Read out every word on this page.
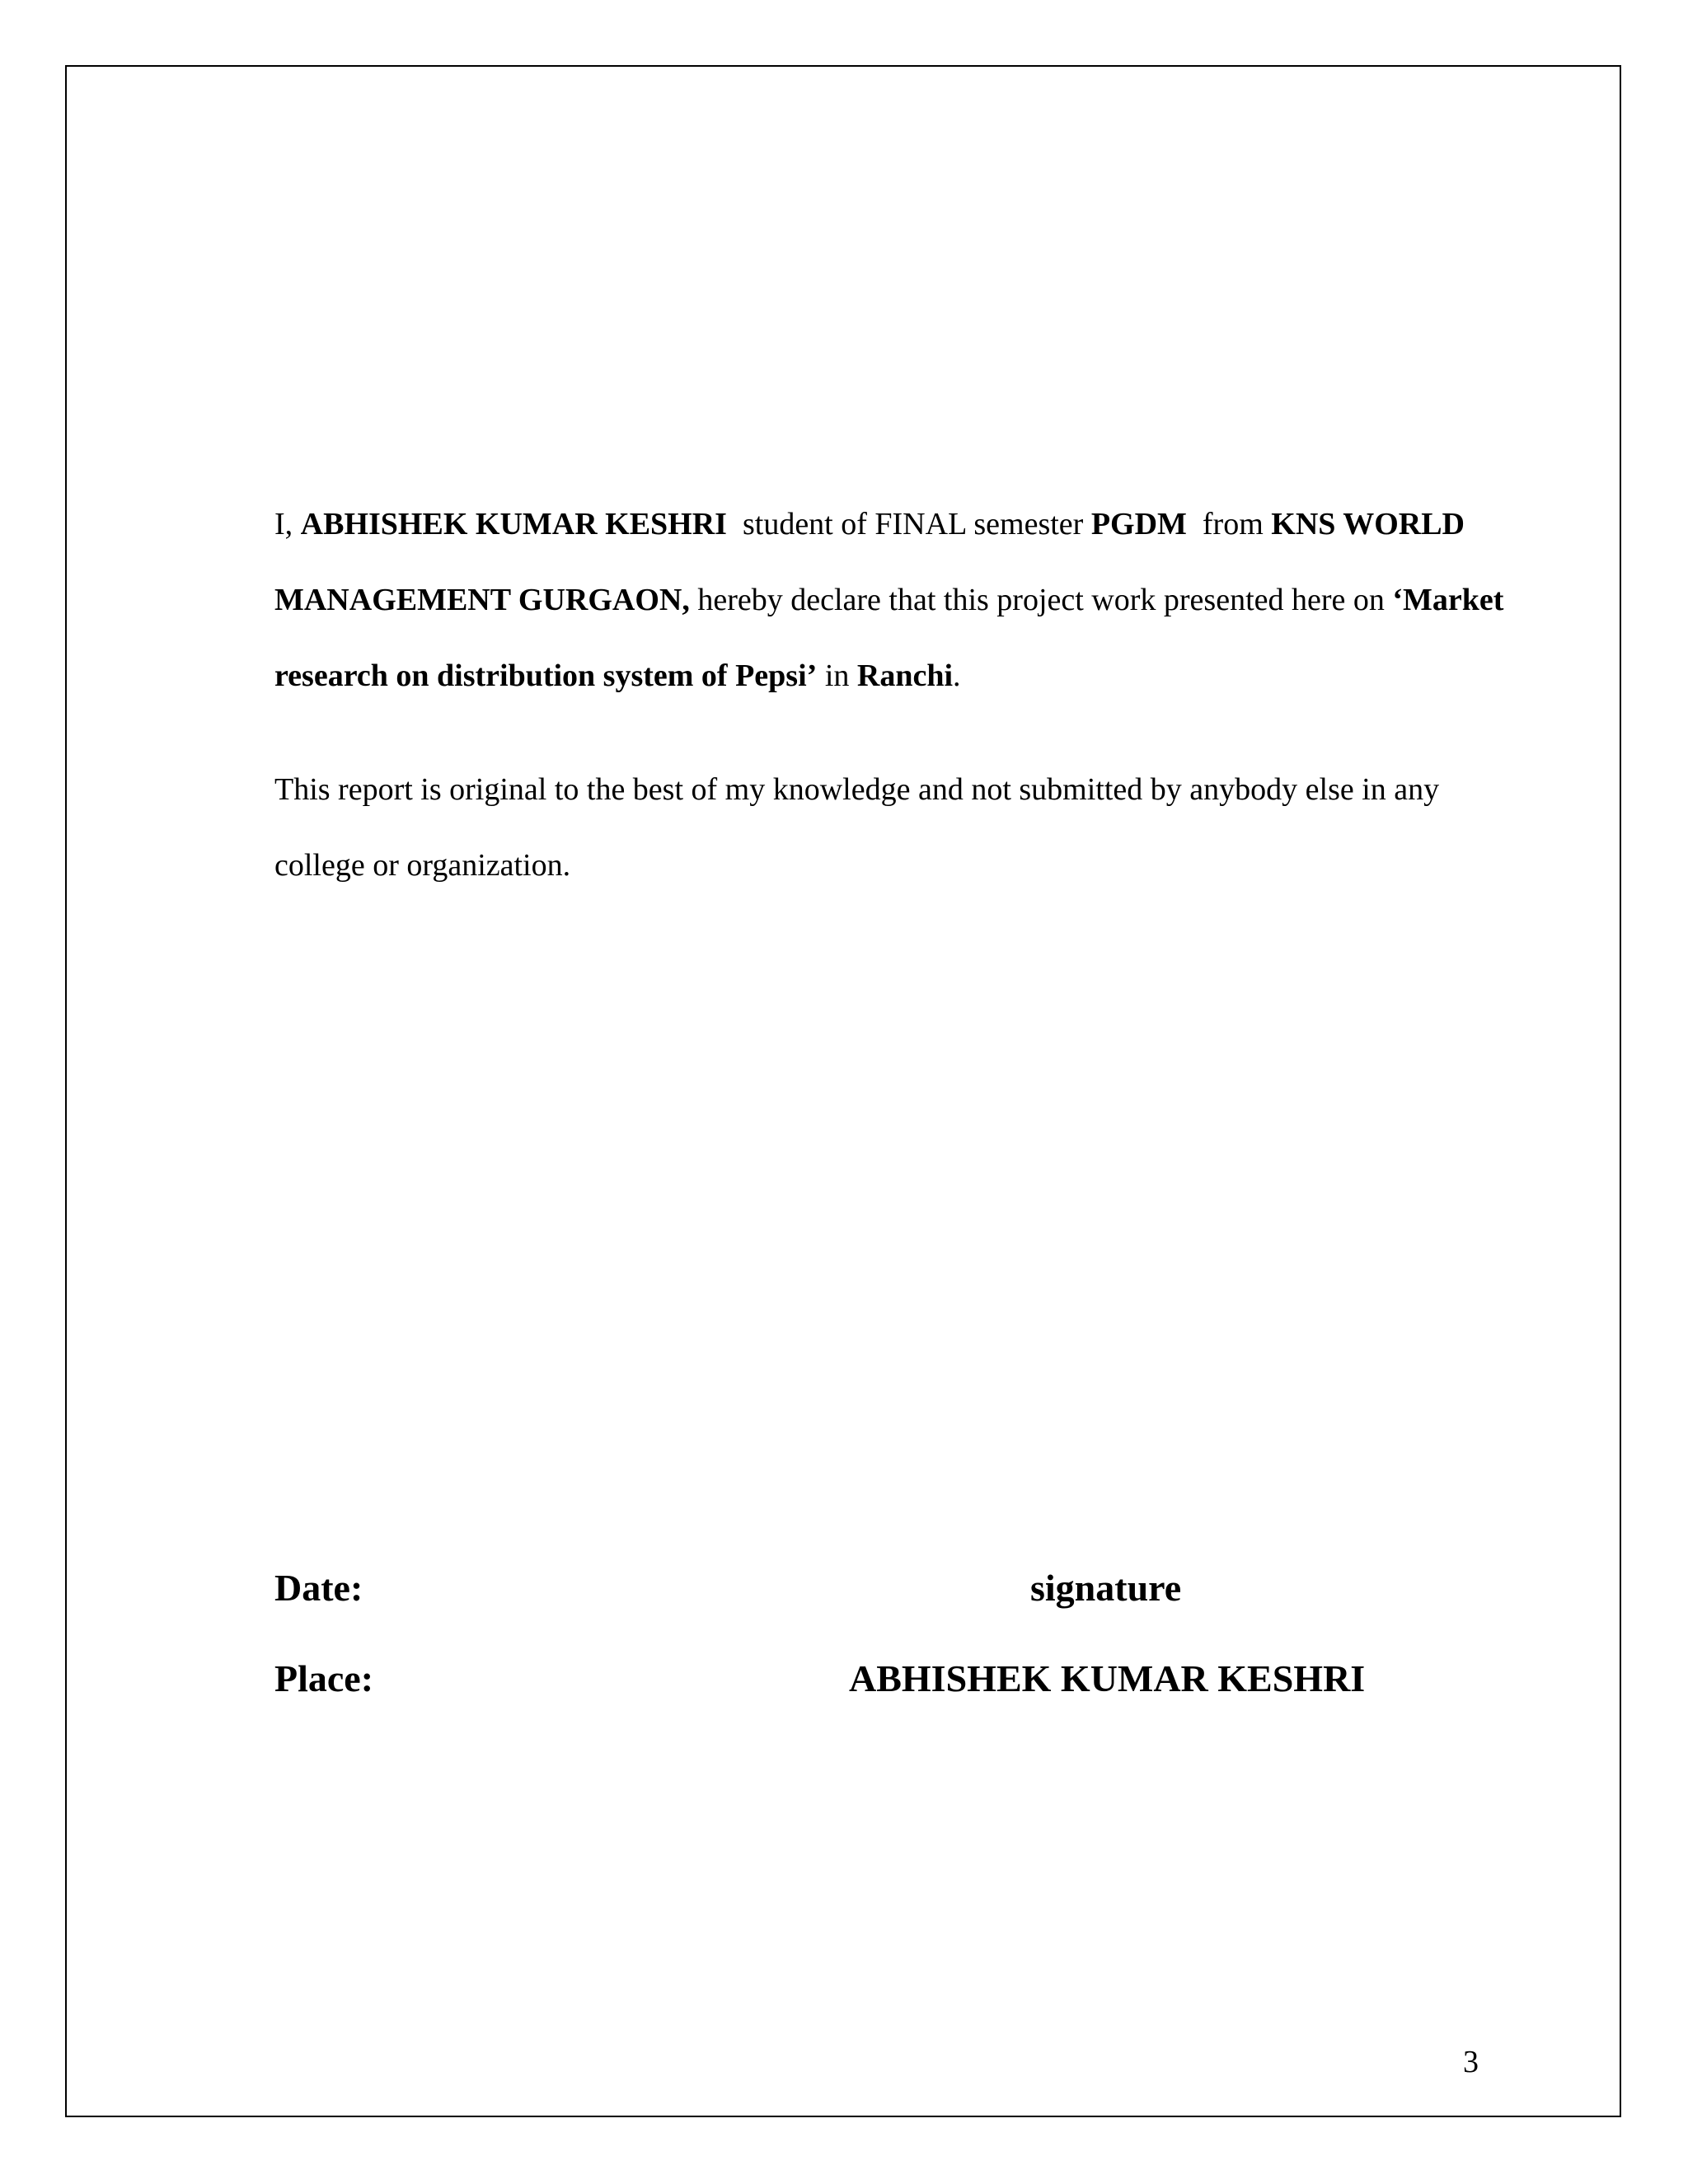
I, ABHISHEK KUMAR KESHRI  student of FINAL semester PGDM  from KNS WORLD MANAGEMENT GURGAON, hereby declare that this project work presented here on ‘Market research on distribution system of Pepsi’ in Ranchi.

This report is original to the best of my knowledge and not submitted by anybody else in any college or organization.

Date:	signature
Place:	ABHISHEK KUMAR KESHRI
3
